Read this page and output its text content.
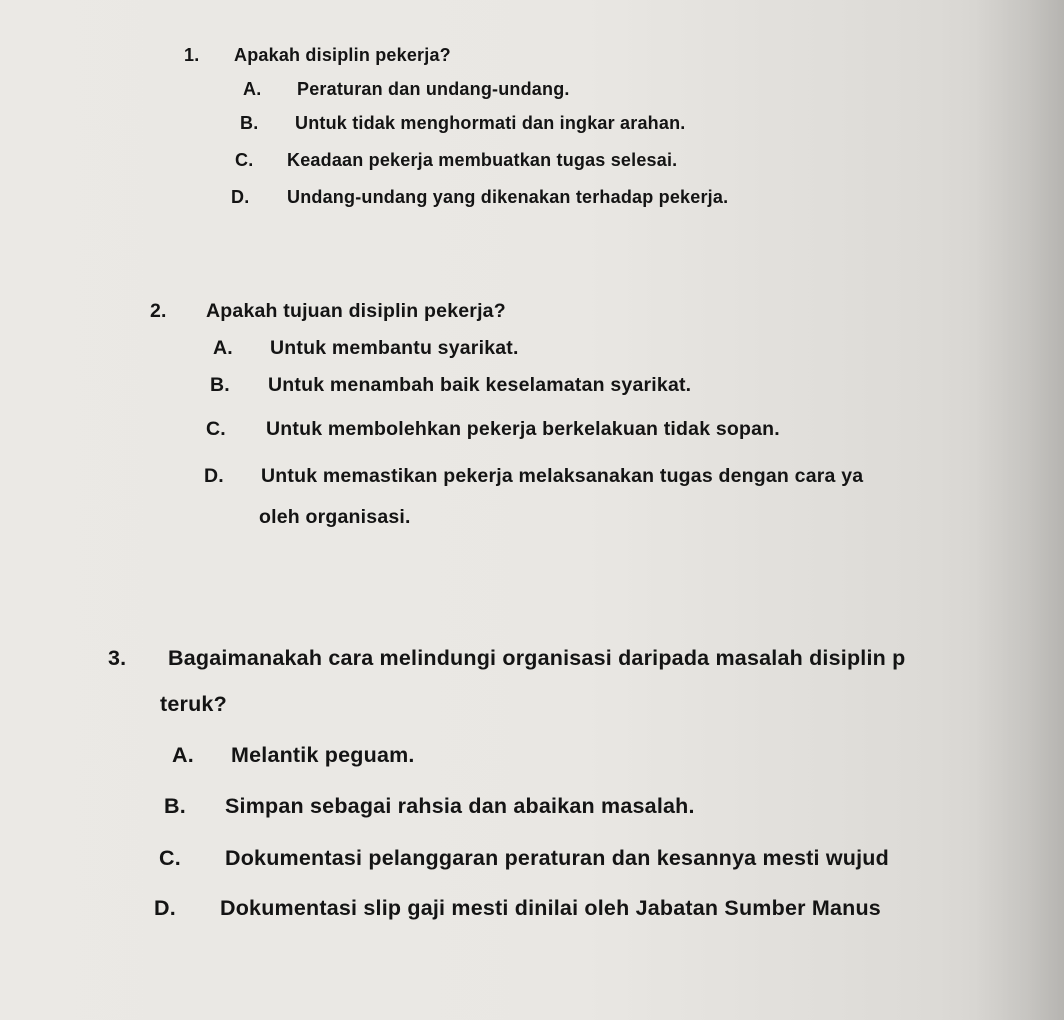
1. Apakah disiplin pekerja?
A. Peraturan dan undang-undang.
B. Untuk tidak menghormati dan ingkar arahan.
C. Keadaan pekerja membuatkan tugas selesai.
D. Undang-undang yang dikenakan terhadap pekerja.
2. Apakah tujuan disiplin pekerja?
A. Untuk membantu syarikat.
B. Untuk menambah baik keselamatan syarikat.
C. Untuk membolehkan pekerja berkelakuan tidak sopan.
D. Untuk memastikan pekerja melaksanakan tugas dengan cara ya
oleh organisasi.
3. Bagaimanakah cara melindungi organisasi daripada masalah disiplin p
teruk?
A. Melantik peguam.
B. Simpan sebagai rahsia dan abaikan masalah.
C. Dokumentasi pelanggaran peraturan dan kesannya mesti wujud
D. Dokumentasi slip gaji mesti dinilai oleh Jabatan Sumber Manus
